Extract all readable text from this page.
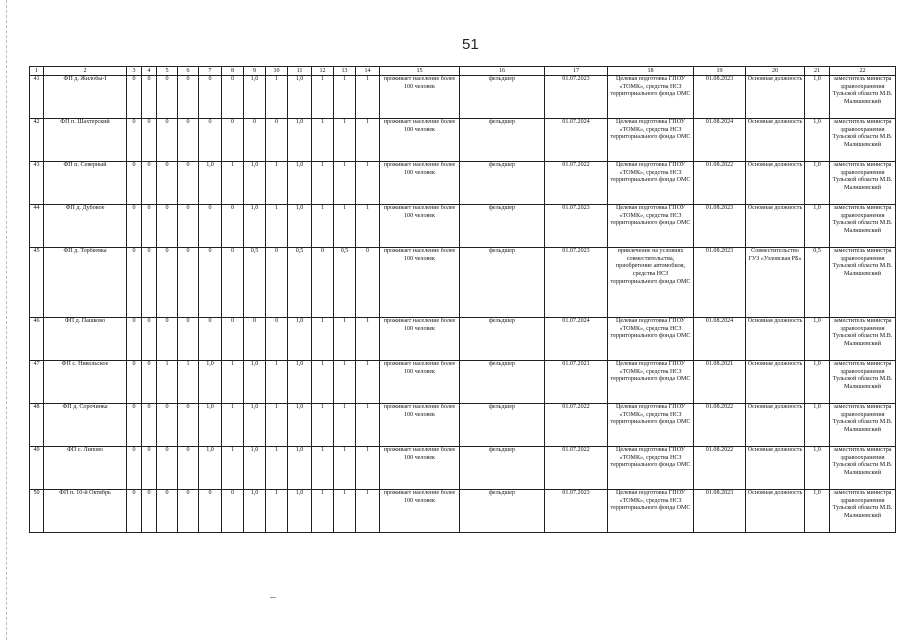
51
1	2	3	4	5	6	7	8	9	10	11	12	13	14	15	16	17	18	19	20	21	22
41	ФП д. Жилобы-I	0	0	0	0	0	0	1,0	1	1,0	1	1	1	проживает население более 100 человек	фельдшер	01.07.2023	Целевая подготовка ГПОУ «ТОМК», средства НСЗ территориального фонда ОМС	01.08.2023	Основная должность	1,0	заместитель министра здравоохранения Тульской области М.В. Малишевский
42	ФП п. Шахтерский	0	0	0	0	0	0	0	0	1,0	1	1	1	проживает население более 100 человек	фельдшер	01.07.2024	Целевая подготовка ГПОУ «ТОМК», средства НСЗ территориального фонда ОМС	01.08.2024	Основная должность	1,0	заместитель министра здравоохранения Тульской области М.В. Малишевский
43	ФП п. Северный	0	0	0	0	1,0	1	1,0	1	1,0	1	1	1	проживает население более 100 человек	фельдшер	01.07.2022	Целевая подготовка ГПОУ «ТОМК», средства НСЗ территориального фонда ОМС	01.08.2022	Основная должность	1,0	заместитель министра здравоохранения Тульской области М.В. Малишевский
44	ФП д. Дубовое	0	0	0	0	0	0	1,0	1	1,0	1	1	1	проживает население более 100 человек	фельдшер	01.07.2023	Целевая подготовка ГПОУ «ТОМК», средства НСЗ территориального фонда ОМС	01.08.2023	Основная должность	1,0	заместитель министра здравоохранения Тульской области М.В. Малишевский
45	ФП д. Торбеевка	0	0	0	0	0	0	0,5	0	0,5	0	0,5	0	проживает население более 100 человек	фельдшер	01.07.2023	привлечение на условиях совместительства, приобретение автомобиля, средства НСЗ территориального фонда ОМС	01.08.2023	Совместительство ГУЗ «Узловская РБ»	0,5	заместитель министра здравоохранения Тульской области М.В. Малишевский
46	ФП д. Пашково	0	0	0	0	0	0	0	0	1,0	1	1	1	проживает население более 100 человек	фельдшер	01.07.2024	Целевая подготовка ГПОУ «ТОМК», средства НСЗ территориального фонда ОМС	01.08.2024	Основная должность	1,0	заместитель министра здравоохранения Тульской области М.В. Малишевский
47	ФП с. Никольское	0	0	1	1	1,0	1	1,0	1	1,0	1	1	1	проживает население более 100 человек	фельдшер	01.07.2021	Целевая подготовка ГПОУ «ТОМК», средства НСЗ территориального фонда ОМС	01.08.2021	Основная должность	1,0	заместитель министра здравоохранения Тульской области М.В. Малишевский
48	ФП д. Сорочинка	0	0	0	0	1,0	1	1,0	1	1,0	1	1	1	проживает население более 100 человек	фельдшер	01.07.2022	Целевая подготовка ГПОУ «ТОМК», средства НСЗ территориального фонда ОМС	01.08.2022	Основная должность	1,0	заместитель министра здравоохранения Тульской области М.В. Малишевский
49	ФП с. Липово	0	0	0	0	1,0	1	1,0	1	1,0	1	1	1	проживает население более 100 человек	фельдшер	01.07.2022	Целевая подготовка ГПОУ «ТОМК», средства НСЗ территориального фонда ОМС	01.08.2022	Основная должность	1,0	заместитель министра здравоохранения Тульской области М.В. Малишевский
50	ФП п. 10-й Октябрь	0	0	0	0	0	0	1,0	1	1,0	1	1	1	проживает население более 100 человек	фельдшер	01.07.2023	Целевая подготовка ГПОУ «ТОМК», средства НСЗ территориального фонда ОМС	01.08.2023	Основная должность	1,0	заместитель министра здравоохранения Тульской области М.В. Малишевский
